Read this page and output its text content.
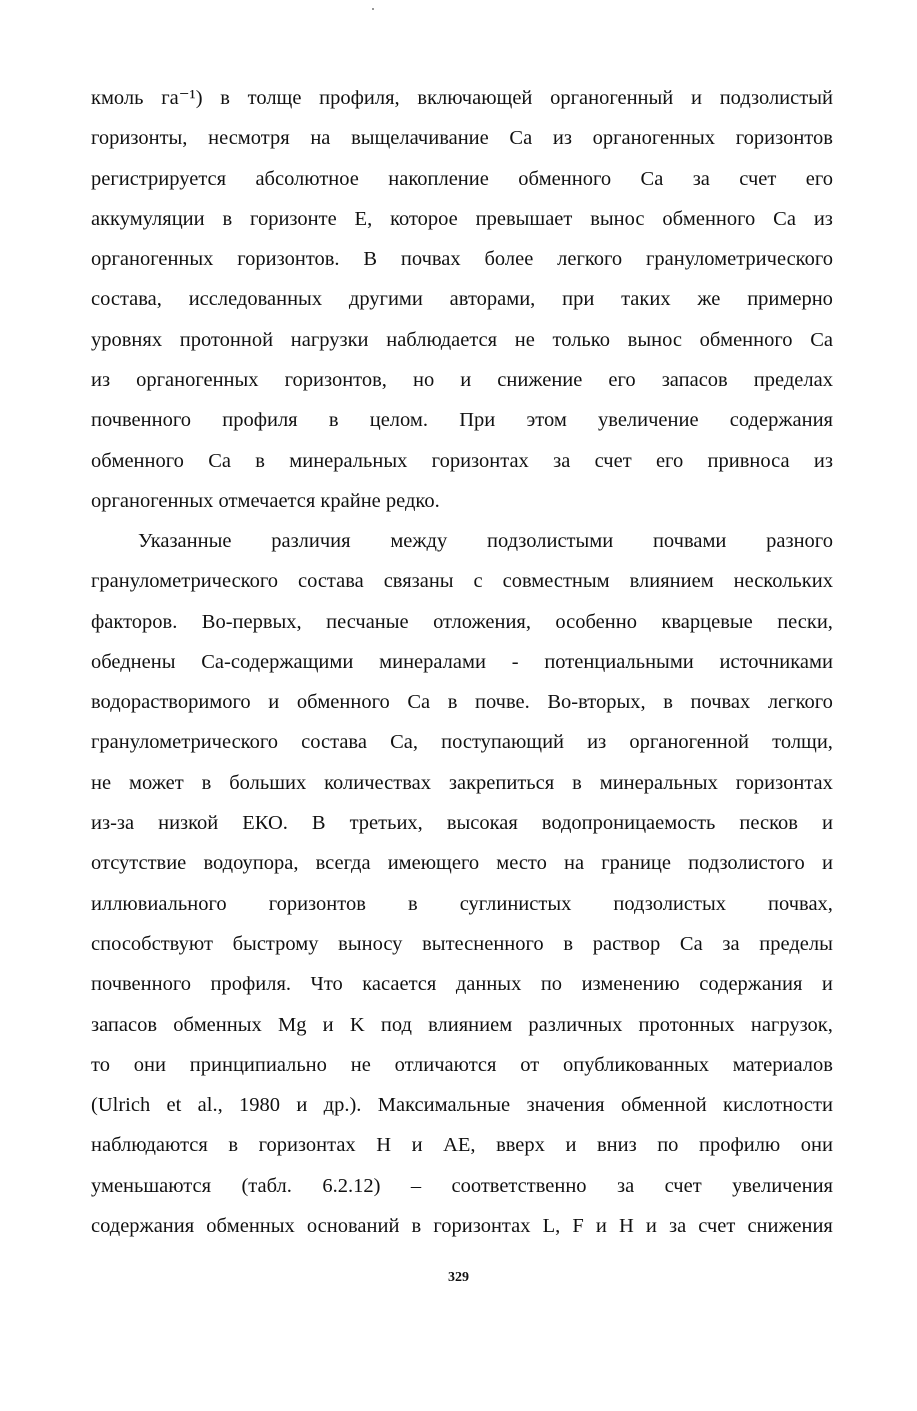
кмоль га⁻¹) в толще профиля, включающей органогенный и подзолистый
горизонты, несмотря на выщелачивание Са из органогенных горизонтов
регистрируется абсолютное накопление обменного Са за счет его
аккумуляции в горизонте E, которое превышает вынос обменного Са из
органогенных горизонтов. В почвах более легкого гранулометрического
состава, исследованных другими авторами, при таких же примерно
уровнях протонной нагрузки наблюдается не только вынос обменного Са
из органогенных горизонтов, но и снижение его запасов пределах
почвенного профиля в целом. При этом увеличение содержания
обменного Са в минеральных горизонтах за счет его привноса из
органогенных отмечается крайне редко.
Указанные различия между подзолистыми почвами разного
гранулометрического состава связаны с совместным влиянием нескольких
факторов. Во-первых, песчаные отложения, особенно кварцевые пески,
обеднены Са-содержащими минералами - потенциальными источниками
водорастворимого и обменного Са в почве. Во-вторых, в почвах легкого
гранулометрического состава Са, поступающий из органогенной толщи,
не может в больших количествах закрепиться в минеральных горизонтах
из-за низкой ЕКО. В третьих, высокая водопроницаемость песков и
отсутствие водоупора, всегда имеющего место на границе подзолистого и
иллювиального горизонтов в суглинистых подзолистых почвах,
способствуют быстрому выносу вытесненного в раствор Са за пределы
почвенного профиля. Что касается данных по изменению содержания и
запасов обменных Mg и K под влиянием различных протонных нагрузок,
то они принципиально не отличаются от опубликованных материалов
(Ulrich et al., 1980 и др.). Максимальные значения обменной кислотности
наблюдаются в горизонтах H и AE, вверх и вниз по профилю они
уменьшаются (табл. 6.2.12) – соответственно за счет увеличения
содержания обменных оснований в горизонтах L, F и H и за счет снижения
329
